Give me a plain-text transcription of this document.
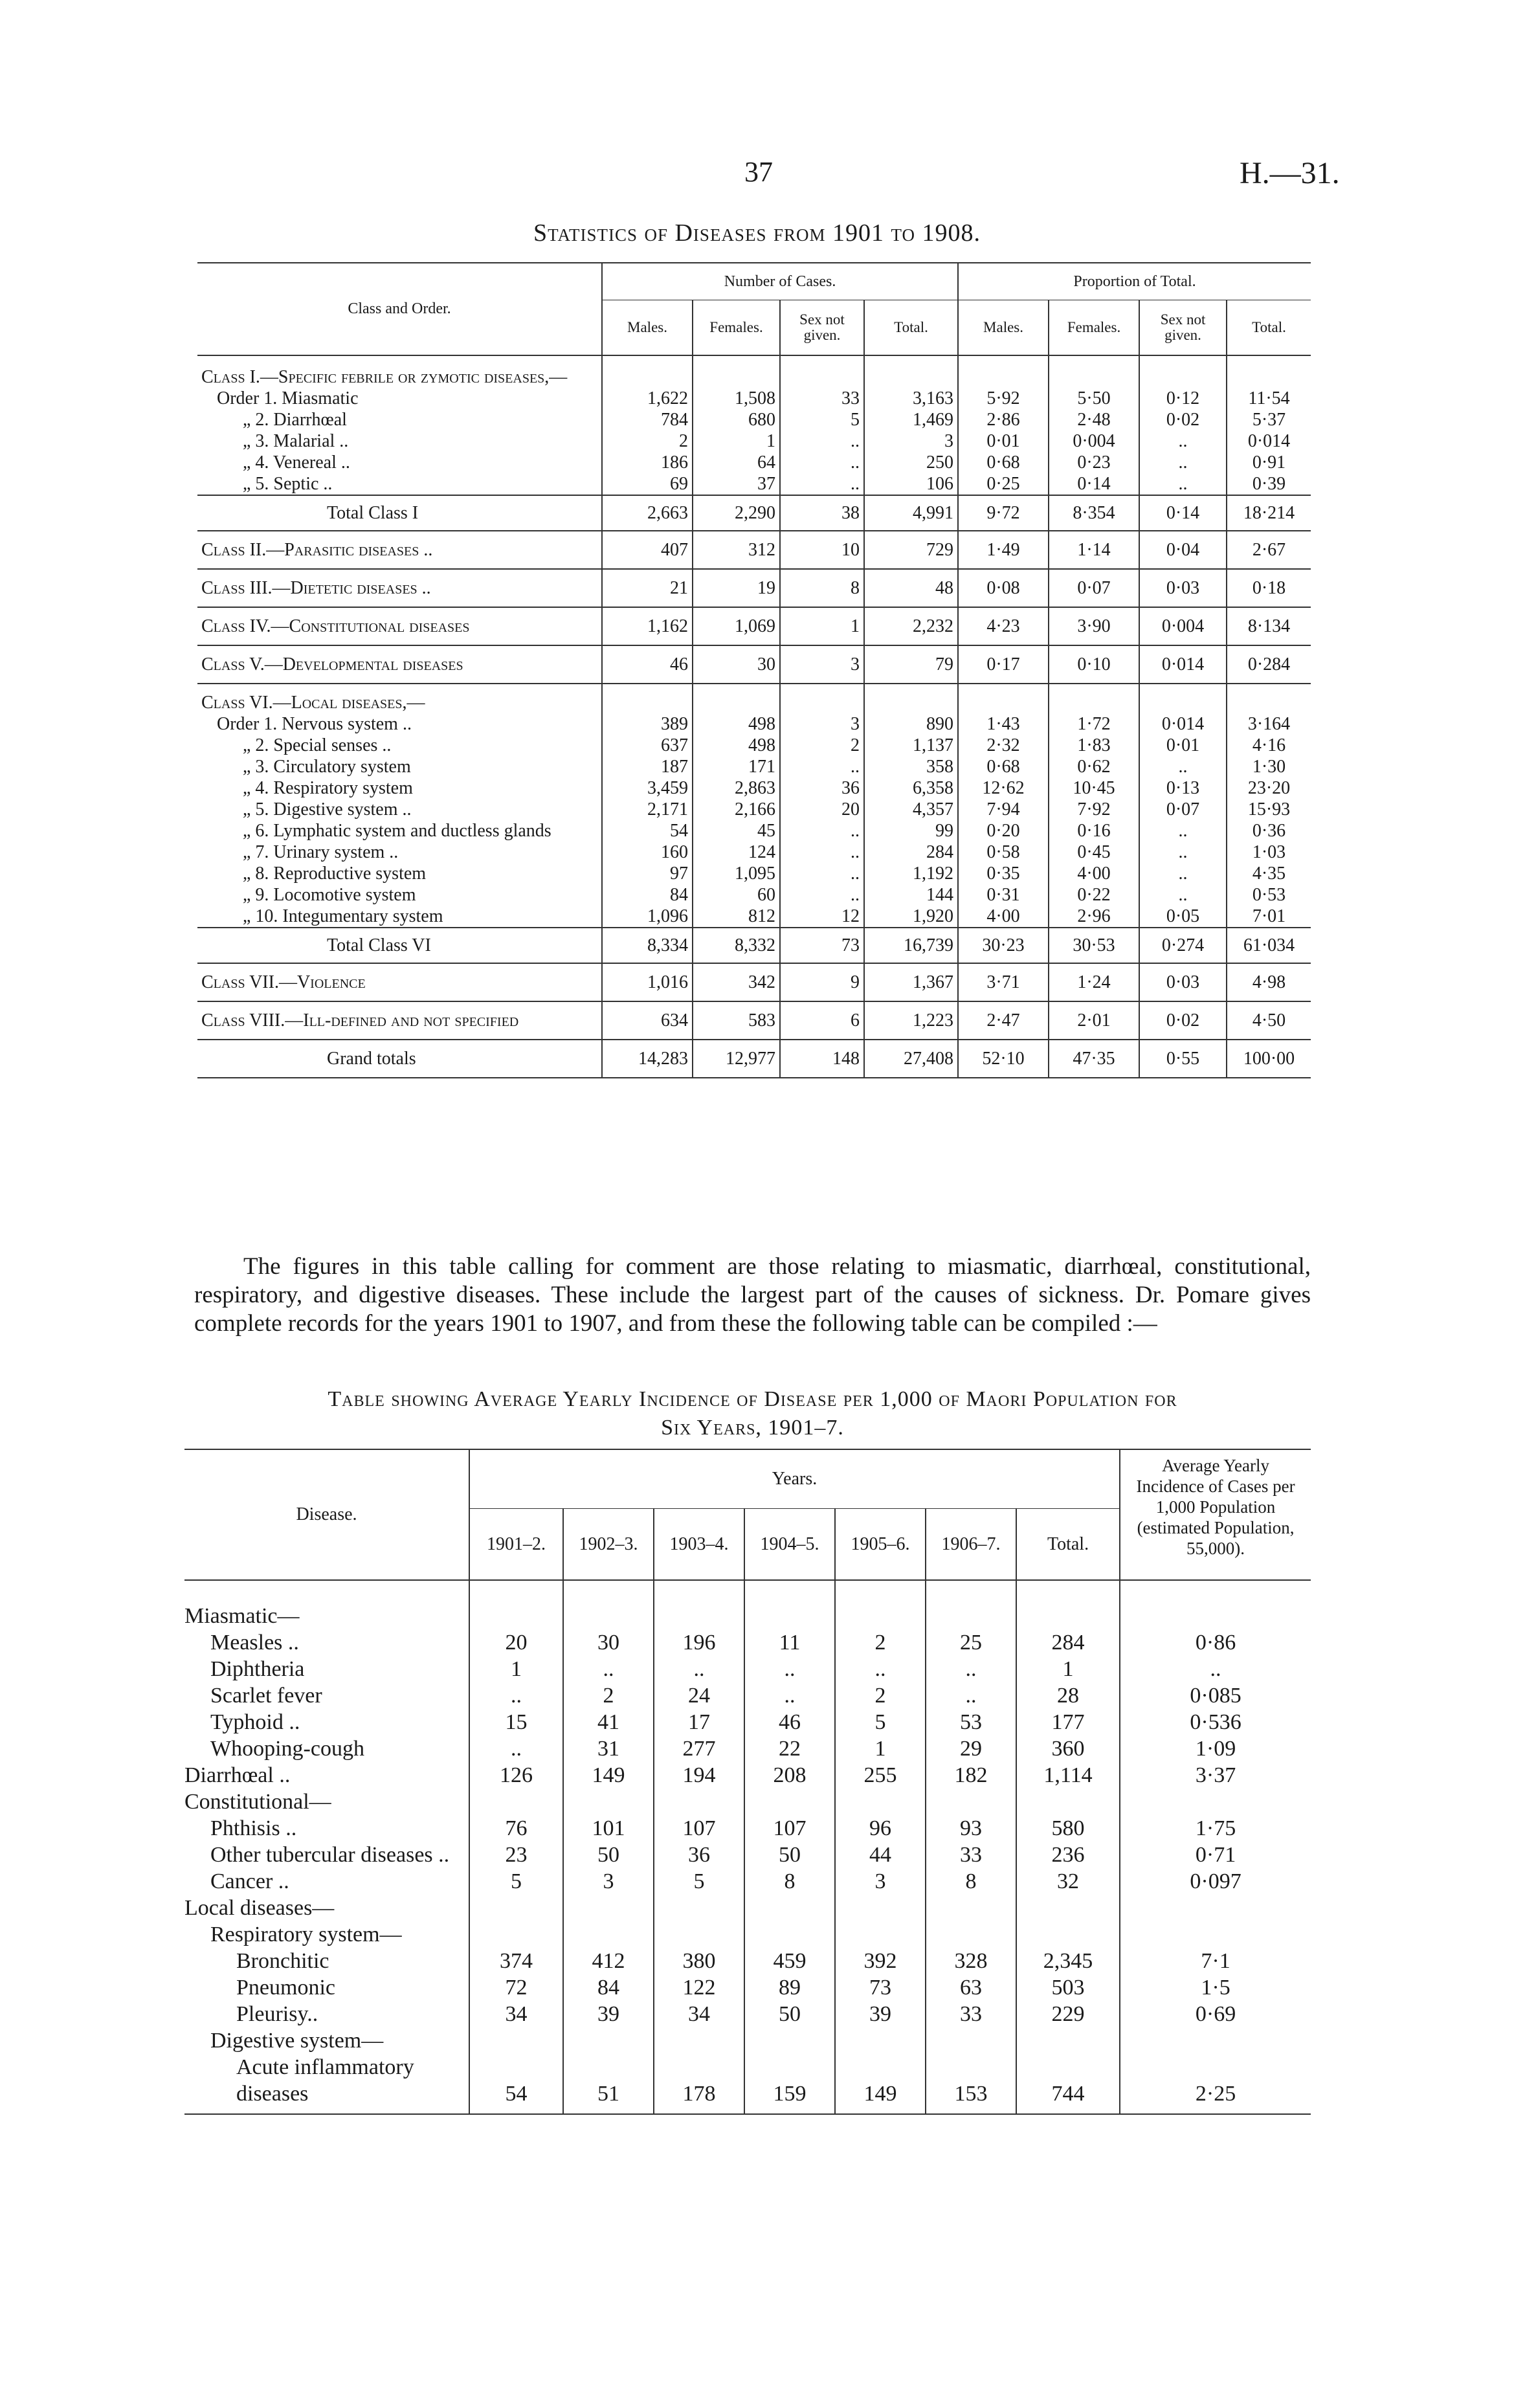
37	H.—31.
Statistics of Diseases from 1901 to 1908.
Class and Order.	Number of Cases.				Proportion of Total.			
	Males.	Females.	Sex not given.	Total.	Males.	Females.	Sex not given.	Total.
Class I.—Specific febrile or zymotic diseases,—								
Order 1. Miasmatic	1,622	1,508	33	3,163	5·92	5·50	0·12	11·54
„ 2. Diarrhœal	784	680	5	1,469	2·86	2·48	0·02	5·37
„ 3. Malarial ..	2	1	..	3	0·01	0·004	..	0·014
„ 4. Venereal ..	186	64	..	250	0·68	0·23	..	0·91
„ 5. Septic ..	69	37	..	106	0·25	0·14	..	0·39
Total Class I	2,663	2,290	38	4,991	9·72	8·354	0·14	18·214
Class II.—Parasitic diseases ..	407	312	10	729	1·49	1·14	0·04	2·67
Class III.—Dietetic diseases ..	21	19	8	48	0·08	0·07	0·03	0·18
Class IV.—Constitutional diseases	1,162	1,069	1	2,232	4·23	3·90	0·004	8·134
Class V.—Developmental diseases	46	30	3	79	0·17	0·10	0·014	0·284
Class VI.—Local diseases,—								
Order 1. Nervous system ..	389	498	3	890	1·43	1·72	0·014	3·164
„ 2. Special senses ..	637	498	2	1,137	2·32	1·83	0·01	4·16
„ 3. Circulatory system	187	171	..	358	0·68	0·62	..	1·30
„ 4. Respiratory system	3,459	2,863	36	6,358	12·62	10·45	0·13	23·20
„ 5. Digestive system ..	2,171	2,166	20	4,357	7·94	7·92	0·07	15·93
„ 6. Lymphatic system and ductless glands	54	45	..	99	0·20	0·16	..	0·36
„ 7. Urinary system ..	160	124	..	284	0·58	0·45	..	1·03
„ 8. Reproductive system	97	1,095	..	1,192	0·35	4·00	..	4·35
„ 9. Locomotive system	84	60	..	144	0·31	0·22	..	0·53
„ 10. Integumentary system	1,096	812	12	1,920	4·00	2·96	0·05	7·01
Total Class VI	8,334	8,332	73	16,739	30·23	30·53	0·274	61·034
Class VII.—Violence	1,016	342	9	1,367	3·71	1·24	0·03	4·98
Class VIII.—Ill-defined and not specified	634	583	6	1,223	2·47	2·01	0·02	4·50
Grand totals	14,283	12,977	148	27,408	52·10	47·35	0·55	100·00
The figures in this table calling for comment are those relating to miasmatic, diarrhœal, constitutional, respiratory, and digestive diseases. These include the largest part of the causes of sickness. Dr. Pomare gives complete records for the years 1901 to 1907, and from these the following table can be compiled :—
Table showing Average Yearly Incidence of Disease per 1,000 of Maori Population for
Six Years, 1901–7.
Disease.	Years.							Average Yearly Incidence of Cases per 1,000 Population (estimated Population, 55,000).
	1901–2.	1902–3.	1903–4.	1904–5.	1905–6.	1906–7.	Total.	

Miasmatic—								
Measles ..	20	30	196	11	2	25	284	0·86
Diphtheria	1	..	..	..	..	..	1	..
Scarlet fever	..	2	24	..	2	..	28	0·085
Typhoid ..	15	41	17	46	5	53	177	0·536
Whooping-cough	..	31	277	22	1	29	360	1·09
Diarrhœal ..	126	149	194	208	255	182	1,114	3·37
Constitutional—								
Phthisis ..	76	101	107	107	96	93	580	1·75
Other tubercular diseases ..	23	50	36	50	44	33	236	0·71
Cancer ..	5	3	5	8	3	8	32	0·097
Local diseases—								
Respiratory system—								
Bronchitic	374	412	380	459	392	328	2,345	7·1
Pneumonic	72	84	122	89	73	63	503	1·5
Pleurisy..	34	39	34	50	39	33	229	0·69
Digestive system—								
Acute inflammatory diseases	54	51	178	159	149	153	744	2·25
